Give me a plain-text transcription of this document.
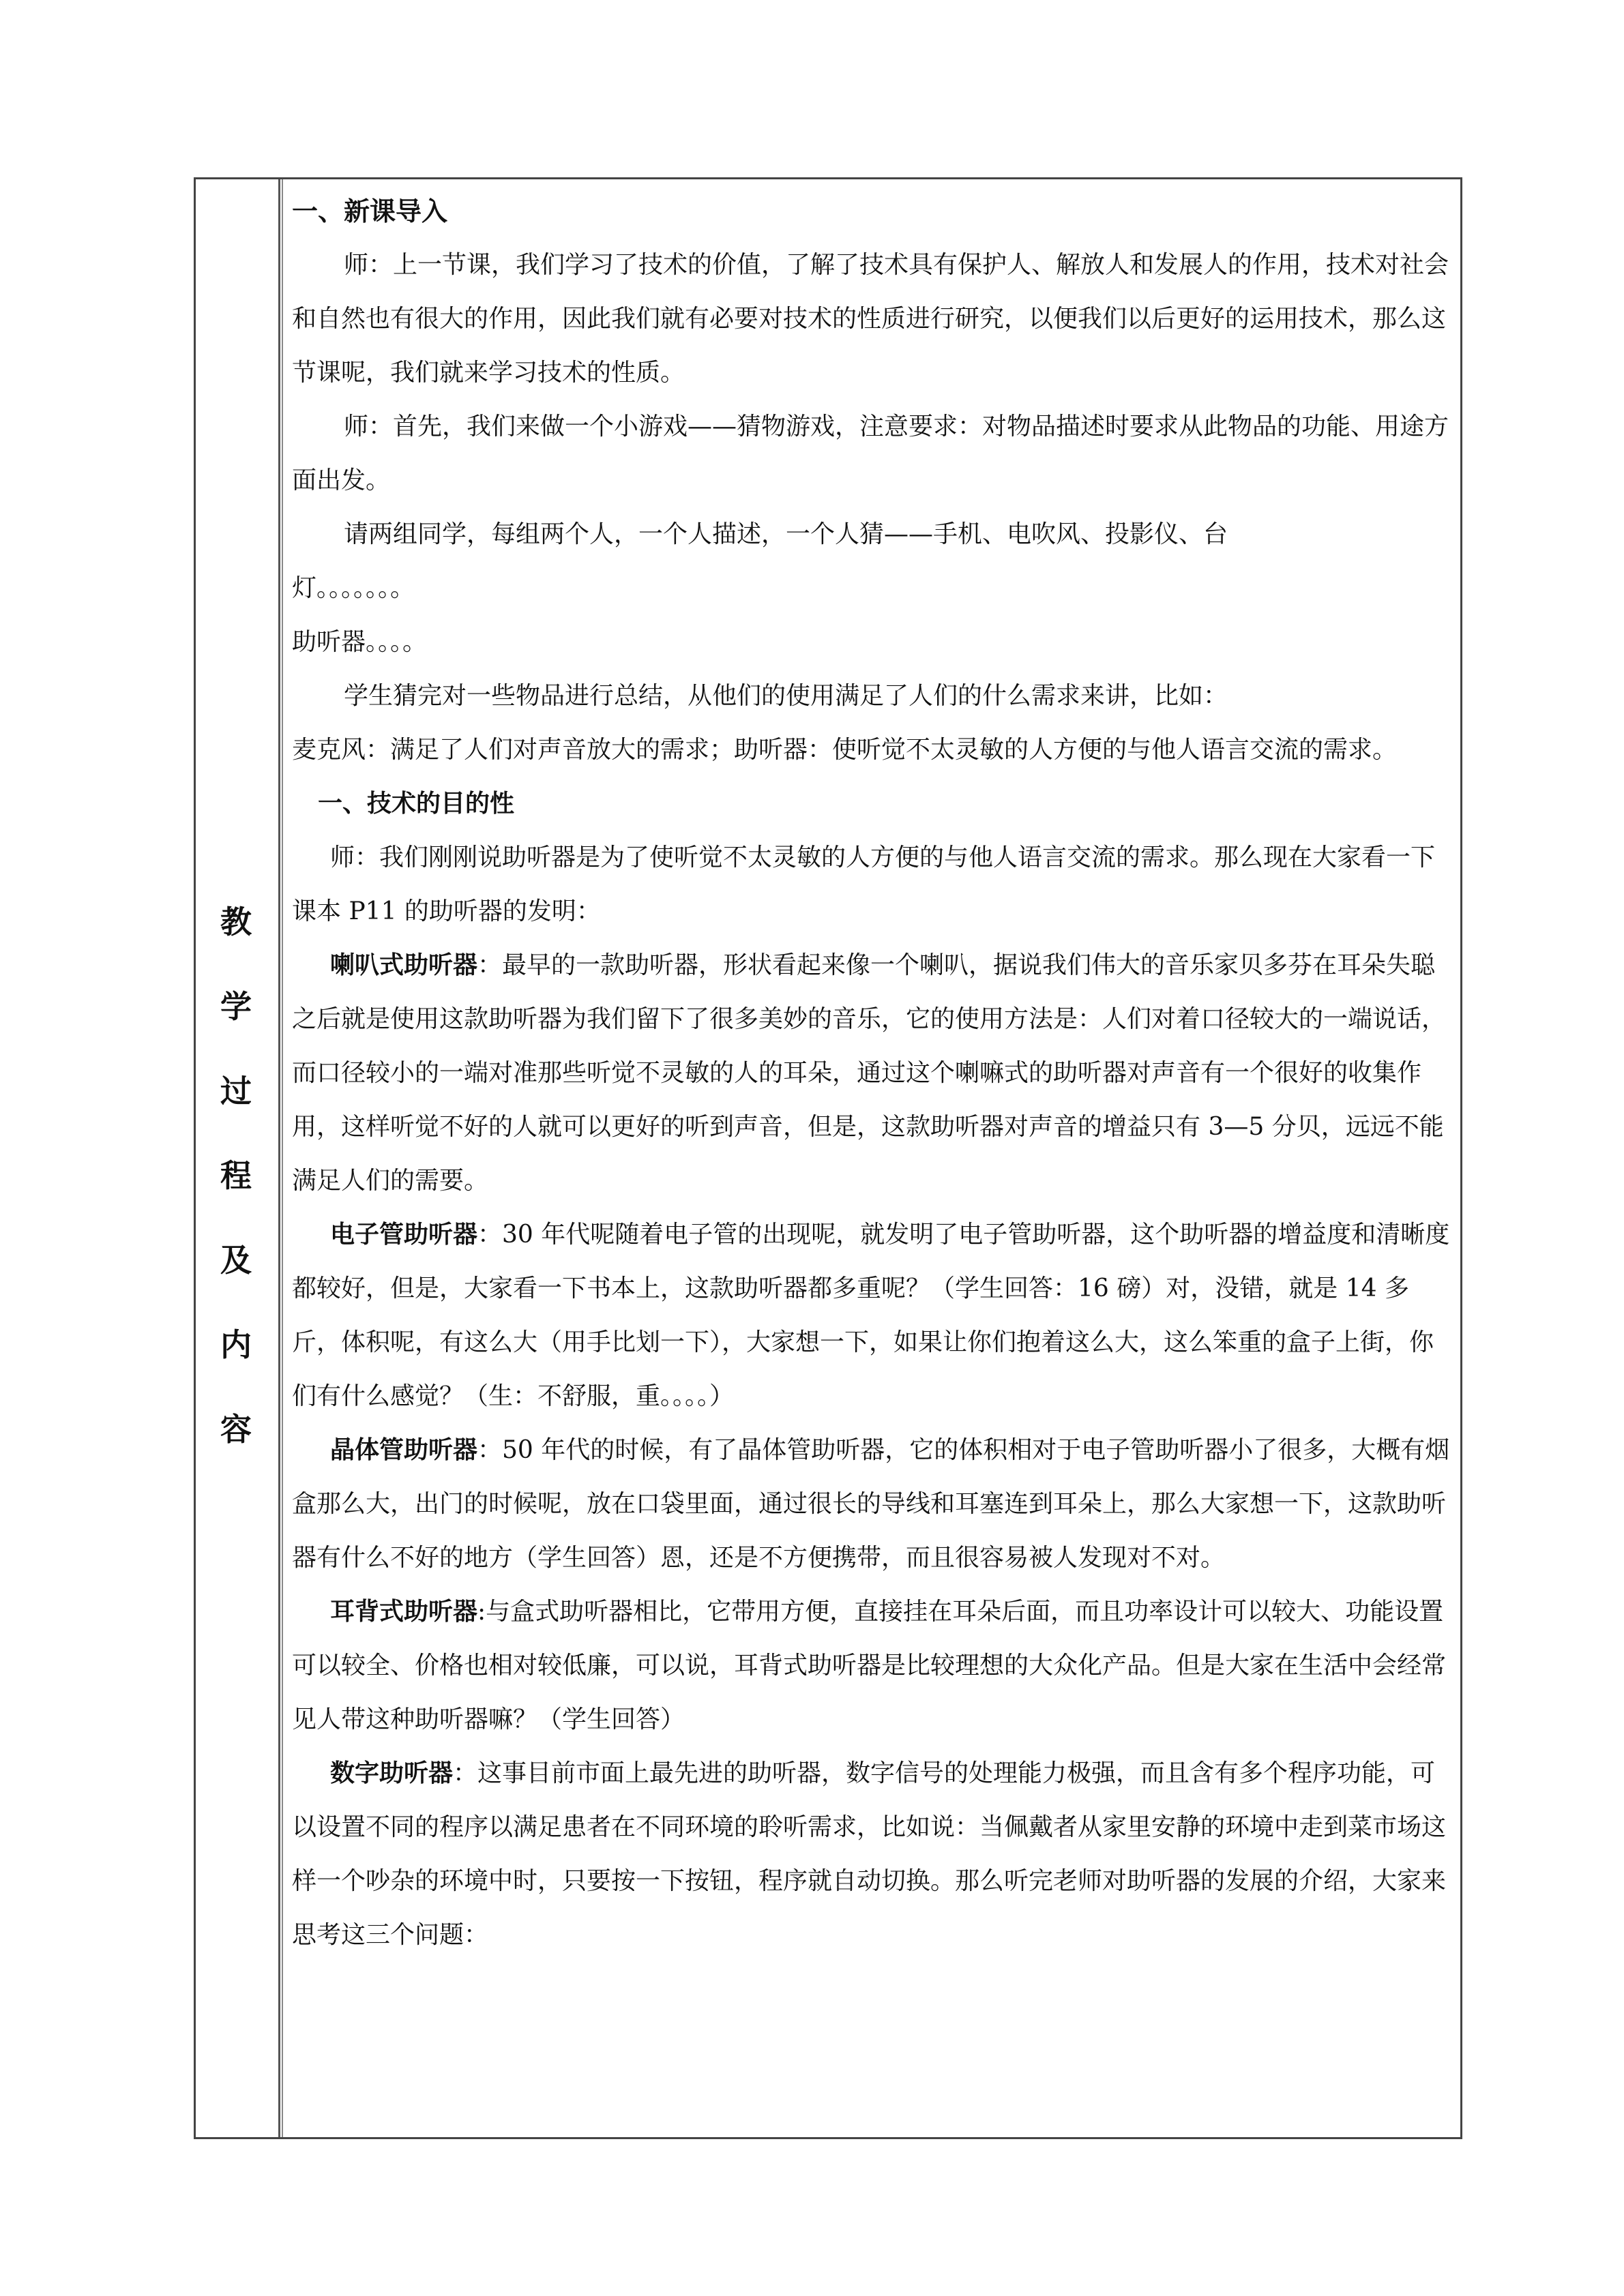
教
学
过
程
及
内
容

一、新课导入

师：上一节课，我们学习了技术的价值，了解了技术具有保护人、解放人和发展人的作用，技术对社会和自然也有很大的作用，因此我们就有必要对技术的性质进行研究，以便我们以后更好的运用技术，那么这节课呢，我们就来学习技术的性质。

师：首先，我们来做一个小游戏——猜物游戏，注意要求：对物品描述时要求从此物品的功能、用途方面出发。

请两组同学，每组两个人，一个人描述，一个人猜——手机、电吹风、投影仪、台

灯。。。。。。。

助听器。。。。

学生猜完对一些物品进行总结，从他们的使用满足了人们的什么需求来讲，比如：

麦克风：满足了人们对声音放大的需求；助听器：使听觉不太灵敏的人方便的与他人语言交流的需求。

一、技术的目的性

师：我们刚刚说助听器是为了使听觉不太灵敏的人方便的与他人语言交流的需求。那么现在大家看一下课本 P11 的助听器的发明：

喇叭式助听器：最早的一款助听器，形状看起来像一个喇叭，据说我们伟大的音乐家贝多芬在耳朵失聪之后就是使用这款助听器为我们留下了很多美妙的音乐，它的使用方法是：人们对着口径较大的一端说话，而口径较小的一端对准那些听觉不灵敏的人的耳朵，通过这个喇嘛式的助听器对声音有一个很好的收集作用，这样听觉不好的人就可以更好的听到声音，但是，这款助听器对声音的增益只有 3—5 分贝，远远不能满足人们的需要。

电子管助听器：30 年代呢随着电子管的出现呢，就发明了电子管助听器，这个助听器的增益度和清晰度都较好，但是，大家看一下书本上，这款助听器都多重呢？（学生回答：16 磅）对，没错，就是 14 多斤，体积呢，有这么大（用手比划一下），大家想一下，如果让你们抱着这么大，这么笨重的盒子上街，你们有什么感觉？（生：不舒服，重。。。。）

晶体管助听器：50 年代的时候，有了晶体管助听器，它的体积相对于电子管助听器小了很多，大概有烟盒那么大，出门的时候呢，放在口袋里面，通过很长的导线和耳塞连到耳朵上，那么大家想一下，这款助听器有什么不好的地方（学生回答）恩，还是不方便携带，而且很容易被人发现对不对。

耳背式助听器:与盒式助听器相比，它带用方便，直接挂在耳朵后面，而且功率设计可以较大、功能设置可以较全、价格也相对较低廉，可以说，耳背式助听器是比较理想的大众化产品。但是大家在生活中会经常见人带这种助听器嘛？（学生回答）

数字助听器：这事目前市面上最先进的助听器，数字信号的处理能力极强，而且含有多个程序功能，可以设置不同的程序以满足患者在不同环境的聆听需求，比如说：当佩戴者从家里安静的环境中走到菜市场这样一个吵杂的环境中时，只要按一下按钮，程序就自动切换。那么听完老师对助听器的发展的介绍，大家来思考这三个问题：
